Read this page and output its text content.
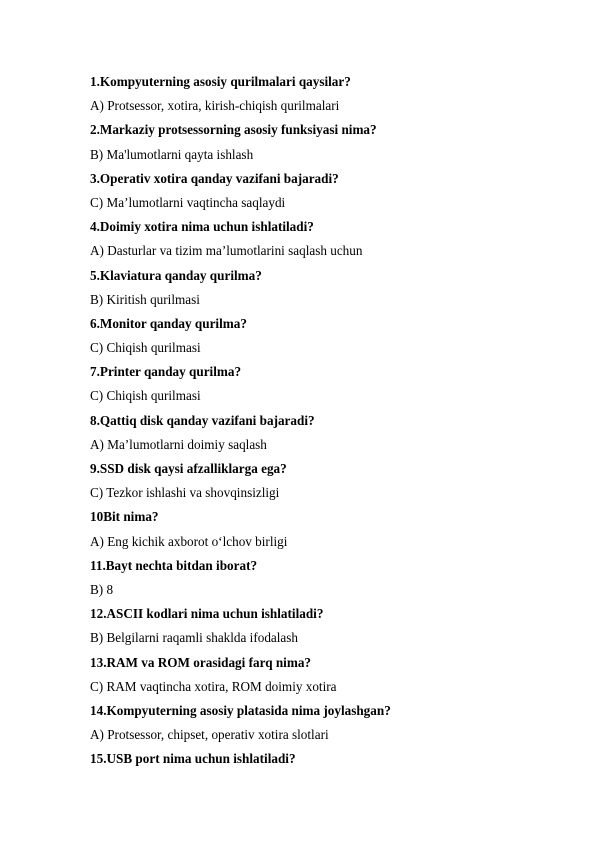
1.Kompyuterning asosiy qurilmalari qaysilar?
A) Protsessor, xotira, kirish-chiqish qurilmalari
2.Markaziy protsessorning asosiy funksiyasi nima?
B) Ma'lumotlarni qayta ishlash
3.Operativ xotira qanday vazifani bajaradi?
C) Ma’lumotlarni vaqtincha saqlaydi
4.Doimiy xotira nima uchun ishlatiladi?
A) Dasturlar va tizim ma’lumotlarini saqlash uchun
5.Klaviatura qanday qurilma?
B) Kiritish qurilmasi
6.Monitor qanday qurilma?
C) Chiqish qurilmasi
7.Printer qanday qurilma?
C) Chiqish qurilmasi
8.Qattiq disk qanday vazifani bajaradi?
A) Ma’lumotlarni doimiy saqlash
9.SSD disk qaysi afzalliklarga ega?
C) Tezkor ishlashi va shovqinsizligi
10Bit nima?
A) Eng kichik axborot o‘lchov birligi
11.Bayt nechta bitdan iborat?
B) 8
12.ASCII kodlari nima uchun ishlatiladi?
B) Belgilarni raqamli shaklda ifodalash
13.RAM va ROM orasidagi farq nima?
C) RAM vaqtincha xotira, ROM doimiy xotira
14.Kompyuterning asosiy platasida nima joylashgan?
A) Protsessor, chipset, operativ xotira slotlari
15.USB port nima uchun ishlatiladi?
